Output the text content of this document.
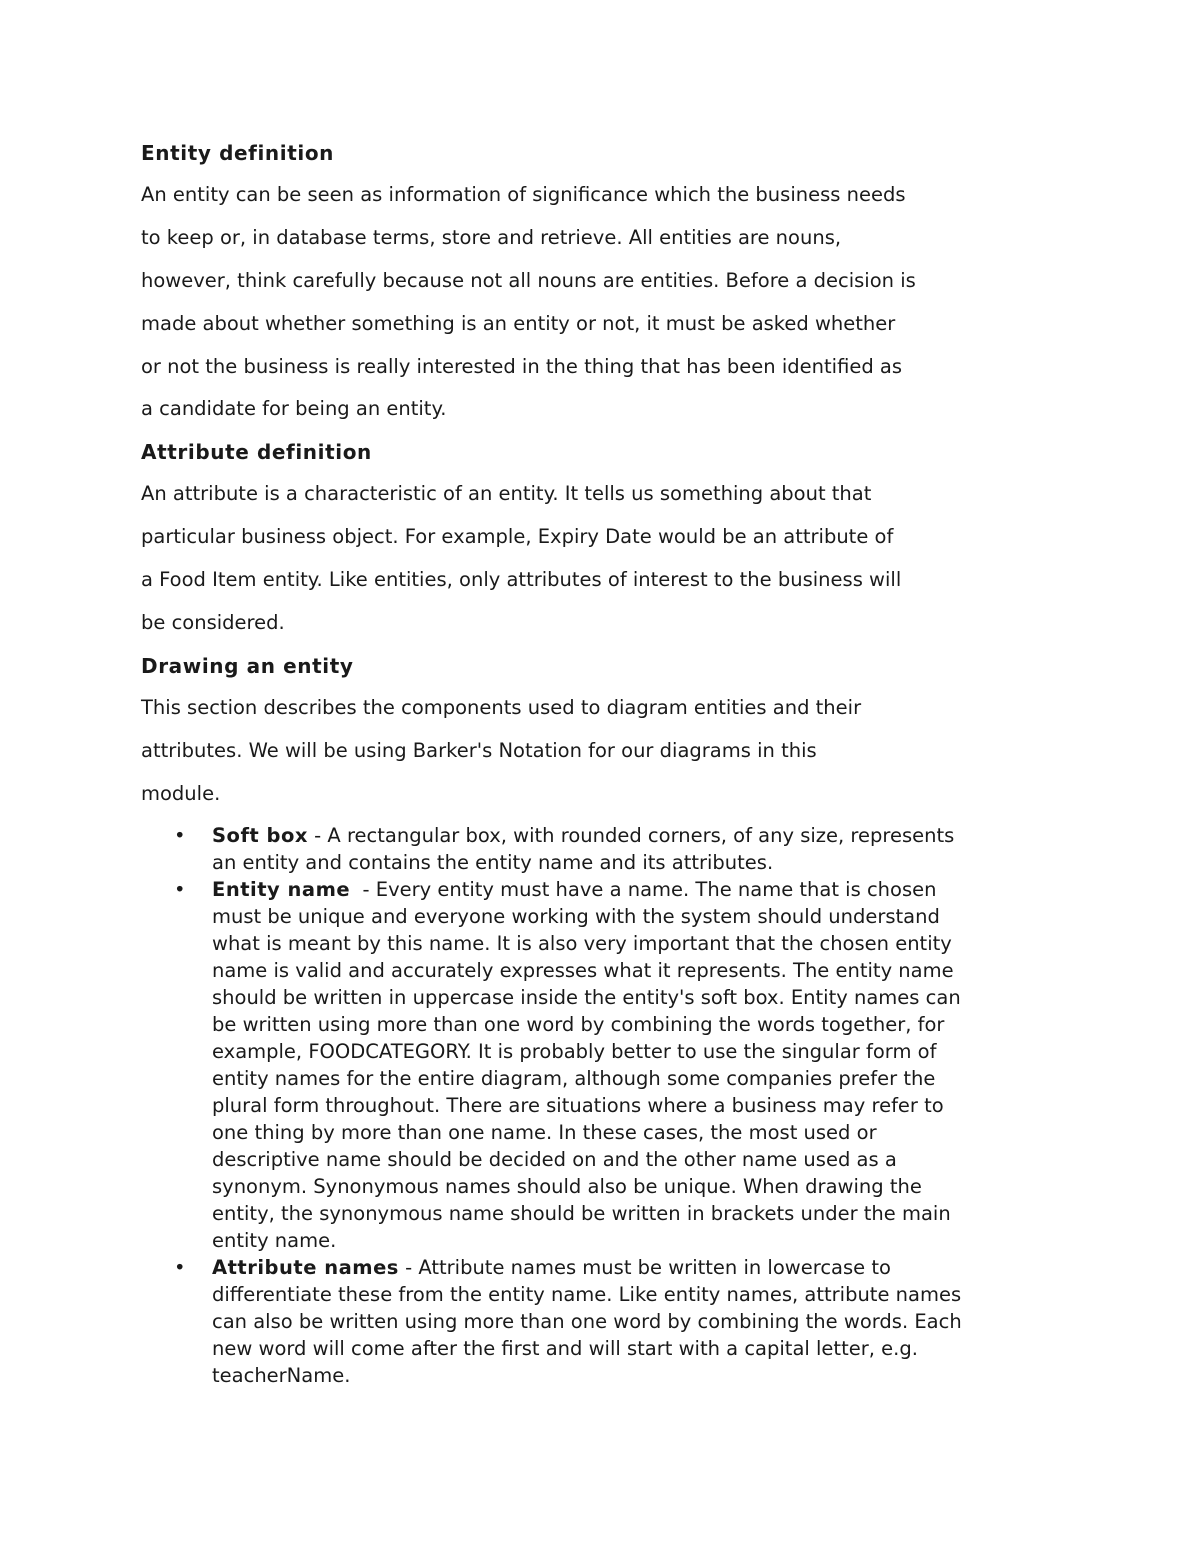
Entity definition
An entity can be seen as information of significance which the business needs
to keep or, in database terms, store and retrieve. All entities are nouns,
however, think carefully because not all nouns are entities. Before a decision is
made about whether something is an entity or not, it must be asked whether
or not the business is really interested in the thing that has been identified as
a candidate for being an entity.
Attribute definition
An attribute is a characteristic of an entity. It tells us something about that
particular business object. For example, Expiry Date would be an attribute of
a Food Item entity. Like entities, only attributes of interest to the business will
be considered.
Drawing an entity
This section describes the components used to diagram entities and their
attributes. We will be using Barker's Notation for our diagrams in this
module.
• Soft box - A rectangular box, with rounded corners, of any size, represents
an entity and contains the entity name and its attributes.
• Entity name  - Every entity must have a name. The name that is chosen
must be unique and everyone working with the system should understand
what is meant by this name. It is also very important that the chosen entity
name is valid and accurately expresses what it represents. The entity name
should be written in uppercase inside the entity's soft box. Entity names can
be written using more than one word by combining the words together, for
example, FOODCATEGORY. It is probably better to use the singular form of
entity names for the entire diagram, although some companies prefer the
plural form throughout. There are situations where a business may refer to
one thing by more than one name. In these cases, the most used or
descriptive name should be decided on and the other name used as a
synonym. Synonymous names should also be unique. When drawing the
entity, the synonymous name should be written in brackets under the main
entity name.
• Attribute names - Attribute names must be written in lowercase to
differentiate these from the entity name. Like entity names, attribute names
can also be written using more than one word by combining the words. Each
new word will come after the first and will start with a capital letter, e.g.
teacherName.
